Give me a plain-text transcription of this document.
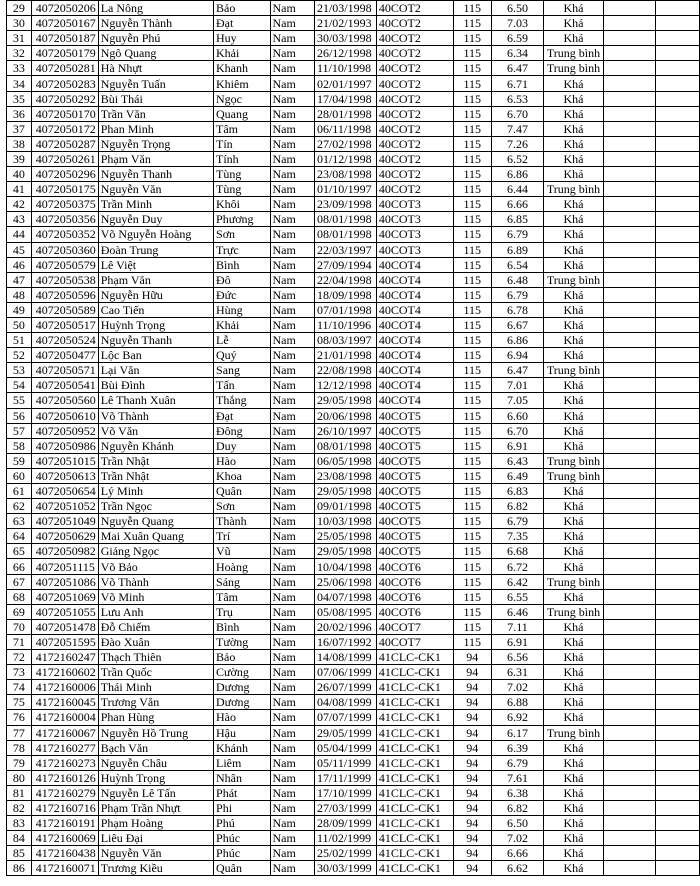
29	4072050206	La Nông	Bảo	Nam	21/03/1998	40COT2	115	6.50	Khá		
30	4072050167	Nguyễn Thành	Đạt	Nam	21/02/1993	40COT2	115	7.03	Khá		
31	4072050187	Nguyễn Phú	Huy	Nam	30/03/1998	40COT2	115	6.59	Khá		
32	4072050179	Ngô Quang	Khải	Nam	26/12/1998	40COT2	115	6.34	Trung bình		
33	4072050281	Hà Nhựt	Khanh	Nam	11/10/1998	40COT2	115	6.47	Trung bình		
34	4072050283	Nguyễn Tuấn	Khiêm	Nam	02/01/1997	40COT2	115	6.71	Khá		
35	4072050292	Bùi Thái	Ngọc	Nam	17/04/1998	40COT2	115	6.53	Khá		
36	4072050170	Trần Văn	Quang	Nam	28/01/1998	40COT2	115	6.70	Khá		
37	4072050172	Phan Minh	Tâm	Nam	06/11/1998	40COT2	115	7.47	Khá		
38	4072050287	Nguyễn Trọng	Tín	Nam	27/02/1998	40COT2	115	7.26	Khá		
39	4072050261	Phạm Văn	Tính	Nam	01/12/1998	40COT2	115	6.52	Khá		
40	4072050296	Nguyễn Thanh	Tùng	Nam	23/08/1998	40COT2	115	6.86	Khá		
41	4072050175	Nguyễn Văn	Tùng	Nam	01/10/1997	40COT2	115	6.44	Trung bình		
42	4072050375	Trần Minh	Khôi	Nam	23/09/1998	40COT3	115	6.66	Khá		
43	4072050356	Nguyễn Duy	Phương	Nam	08/01/1998	40COT3	115	6.85	Khá		
44	4072050352	Võ Nguyễn Hoàng	Sơn	Nam	08/01/1998	40COT3	115	6.79	Khá		
45	4072050360	Đoàn Trung	Trực	Nam	22/03/1997	40COT3	115	6.89	Khá		
46	4072050579	Lê Việt	Bình	Nam	27/09/1994	40COT4	115	6.54	Khá		
47	4072050538	Phạm Văn	Đô	Nam	22/04/1998	40COT4	115	6.48	Trung bình		
48	4072050596	Nguyễn Hữu	Đức	Nam	18/09/1998	40COT4	115	6.79	Khá		
49	4072050589	Cao Tiến	Hùng	Nam	07/01/1998	40COT4	115	6.78	Khá		
50	4072050517	Huỳnh Trọng	Khải	Nam	11/10/1996	40COT4	115	6.67	Khá		
51	4072050524	Nguyễn Thanh	Lễ	Nam	08/03/1997	40COT4	115	6.86	Khá		
52	4072050477	Lộc Ban	Quý	Nam	21/01/1998	40COT4	115	6.94	Khá		
53	4072050571	Lại Văn	Sang	Nam	22/08/1998	40COT4	115	6.47	Trung bình		
54	4072050541	Bùi Đình	Tấn	Nam	12/12/1998	40COT4	115	7.01	Khá		
55	4072050560	Lê Thanh Xuân	Thắng	Nam	29/05/1998	40COT4	115	7.05	Khá		
56	4072050610	Võ Thành	Đạt	Nam	20/06/1998	40COT5	115	6.60	Khá		
57	4072050952	Võ Văn	Đông	Nam	26/10/1997	40COT5	115	6.70	Khá		
58	4072050986	Nguyễn Khánh	Duy	Nam	08/01/1998	40COT5	115	6.91	Khá		
59	4072051015	Trần Nhật	Hào	Nam	06/05/1998	40COT5	115	6.43	Trung bình		
60	4072050613	Trần Nhật	Khoa	Nam	23/08/1998	40COT5	115	6.49	Trung bình		
61	4072050654	Lý Minh	Quân	Nam	29/05/1998	40COT5	115	6.83	Khá		
62	4072051052	Trần Ngọc	Sơn	Nam	09/01/1998	40COT5	115	6.82	Khá		
63	4072051049	Nguyễn Quang	Thành	Nam	10/03/1998	40COT5	115	6.79	Khá		
64	4072050629	Mai Xuân Quang	Trí	Nam	25/05/1998	40COT5	115	7.35	Khá		
65	4072050982	Giảng Ngọc	Vũ	Nam	29/05/1998	40COT5	115	6.68	Khá		
66	4072051115	Võ Bảo	Hoàng	Nam	10/04/1998	40COT6	115	6.72	Khá		
67	4072051086	Võ Thành	Sáng	Nam	25/06/1998	40COT6	115	6.42	Trung bình		
68	4072051069	Võ Minh	Tâm	Nam	04/07/1998	40COT6	115	6.55	Khá		
69	4072051055	Lưu Anh	Trụ	Nam	05/08/1995	40COT6	115	6.46	Trung bình		
70	4072051478	Đỗ Chiếm	Bình	Nam	20/02/1996	40COT7	115	7.11	Khá		
71	4072051595	Đào Xuân	Tường	Nam	16/07/1992	40COT7	115	6.91	Khá		
72	4172160247	Thạch Thiên	Bảo	Nam	14/08/1999	41CLC-CK1	94	6.56	Khá		
73	4172160602	Trần Quốc	Cường	Nam	07/06/1999	41CLC-CK1	94	6.31	Khá		
74	4172160006	Thái Minh	Dương	Nam	26/07/1999	41CLC-CK1	94	7.02	Khá		
75	4172160045	Trương Văn	Dương	Nam	04/08/1999	41CLC-CK1	94	6.88	Khá		
76	4172160004	Phan Hùng	Hào	Nam	07/07/1999	41CLC-CK1	94	6.92	Khá		
77	4172160067	Nguyễn Hồ Trung	Hậu	Nam	29/05/1999	41CLC-CK1	94	6.17	Trung bình		
78	4172160277	Bạch Văn	Khánh	Nam	05/04/1999	41CLC-CK1	94	6.39	Khá		
79	4172160273	Nguyễn Châu	Liêm	Nam	05/11/1999	41CLC-CK1	94	6.79	Khá		
80	4172160126	Huỳnh Trọng	Nhân	Nam	17/11/1999	41CLC-CK1	94	7.61	Khá		
81	4172160279	Nguyễn Lê Tấn	Phát	Nam	17/10/1999	41CLC-CK1	94	6.38	Khá		
82	4172160716	Phạm Trần Nhựt	Phi	Nam	27/03/1999	41CLC-CK1	94	6.82	Khá		
83	4172160191	Phạm Hoàng	Phú	Nam	28/09/1999	41CLC-CK1	94	6.50	Khá		
84	4172160069	Liêu Đại	Phúc	Nam	11/02/1999	41CLC-CK1	94	7.02	Khá		
85	4172160438	Nguyễn Văn	Phúc	Nam	25/02/1999	41CLC-CK1	94	6.66	Khá		
86	4172160071	Trương Kiều	Quân	Nam	30/03/1999	41CLC-CK1	94	6.62	Khá		
